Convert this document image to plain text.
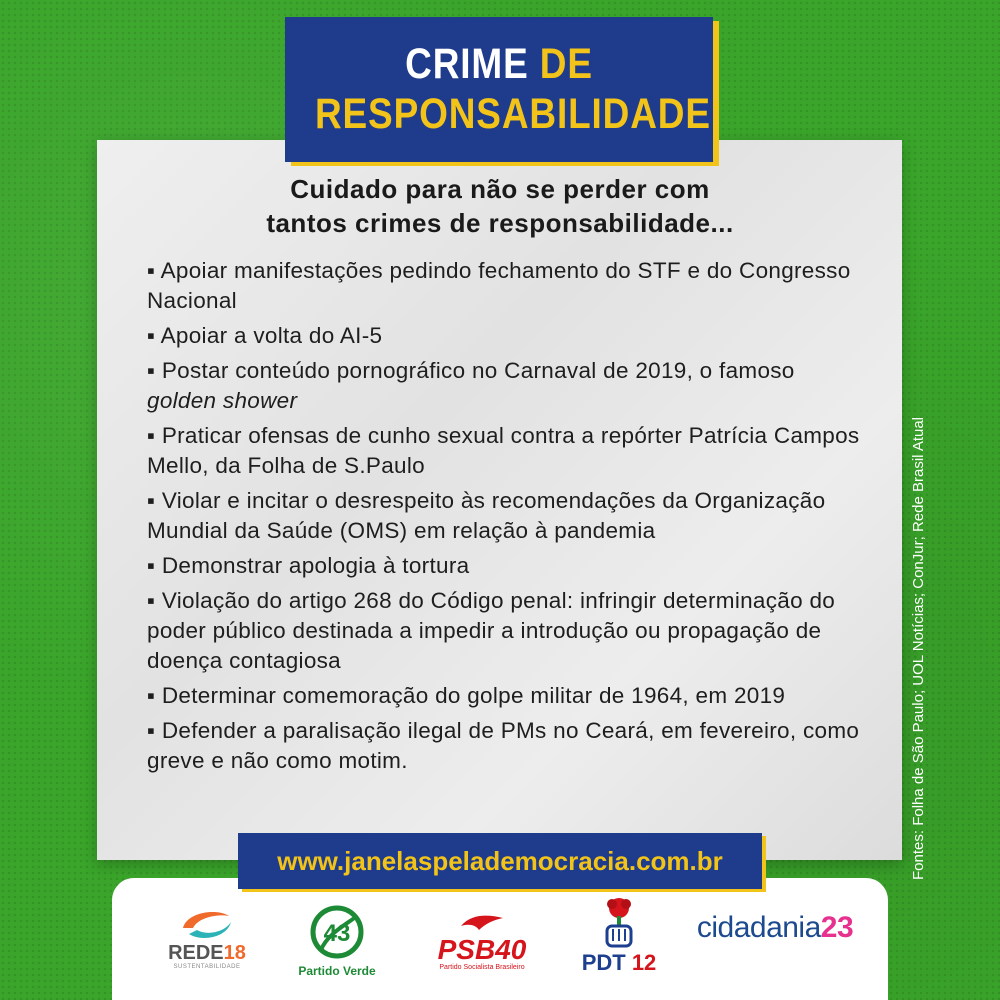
CRIME DE
RESPONSABILIDADE
Cuidado para não se perder com
tantos crimes de responsabilidade...
▪ Apoiar manifestações pedindo fechamento do STF e do Congresso Nacional
▪ Apoiar a volta do AI-5
▪ Postar conteúdo pornográfico no Carnaval de 2019, o famoso
golden shower
▪ Praticar ofensas de cunho sexual contra a repórter Patrícia Campos Mello, da Folha de S.Paulo
▪ Violar e incitar o desrespeito às recomendações da Organização Mundial da Saúde (OMS) em relação à pandemia
▪ Demonstrar apologia à tortura
▪ Violação do artigo 268 do Código penal: infringir determinação do poder público destinada a impedir a introdução ou propagação de doença contagiosa
▪ Determinar comemoração do golpe militar de 1964, em 2019
▪ Defender a paralisação ilegal de PMs no Ceará, em fevereiro, como greve e não como motim.	Fontes: Folha de São Paulo; UOL Notícias; ConJur; Rede Brasil Atual
REDE18
SUSTENTABILIDADE
43
Partido Verde
PSB40
Partido Socialista Brasileiro	PDT 12
cidadania23
www.janelaspelademocracia.com.br
